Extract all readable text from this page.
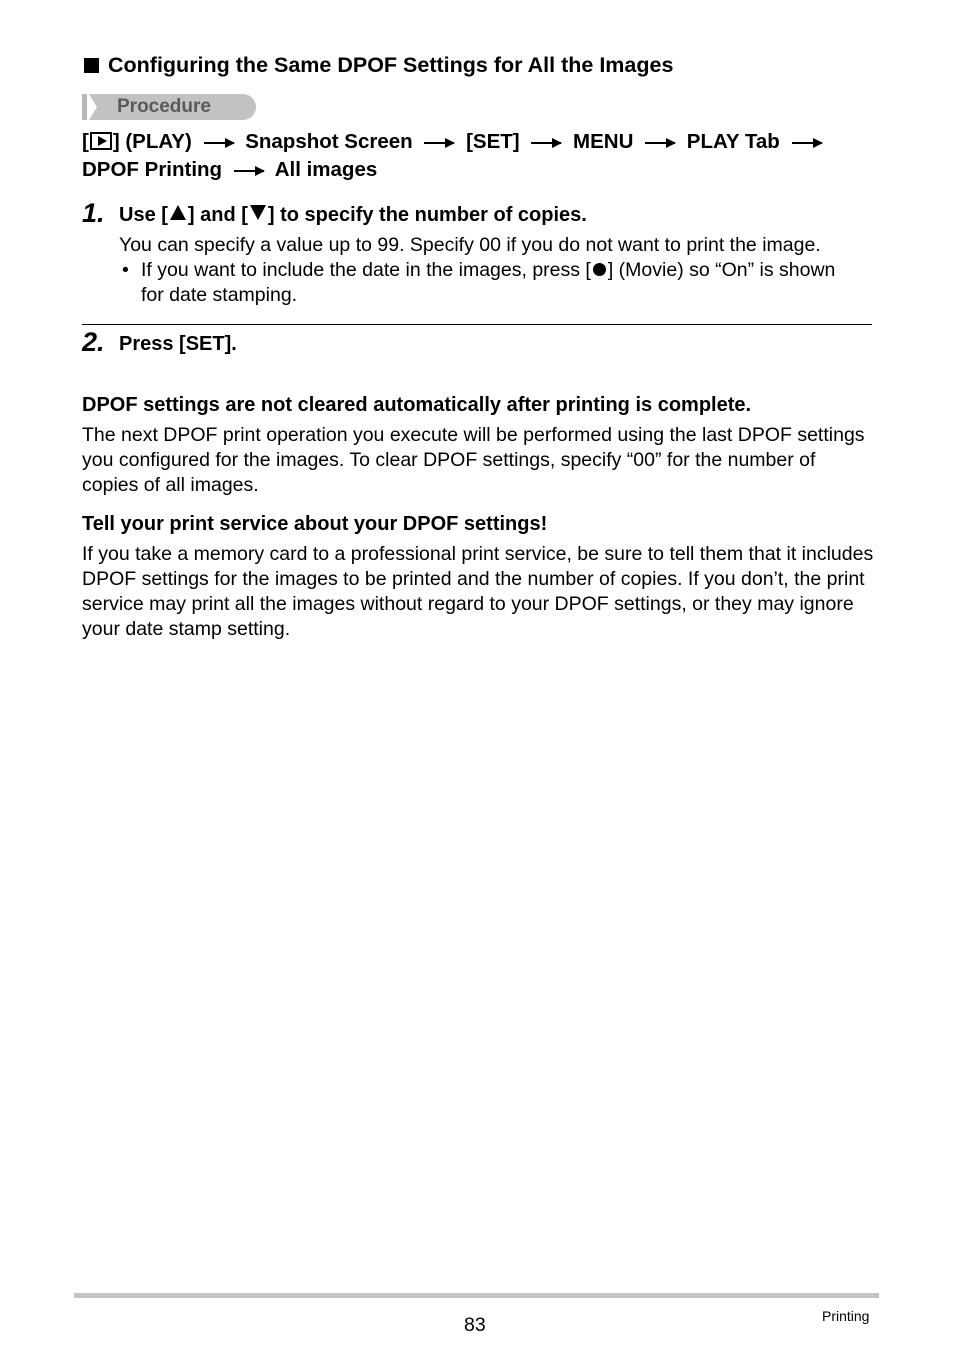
Configuring the Same DPOF Settings for All the Images
Procedure
[ ] (PLAY)	Snapshot Screen	[SET]	MENU	PLAY Tab
DPOF Printing	All images
1. Use [ ] and [ ] to specify the number of copies.
You can specify a value up to 99. Specify 00 if you do not want to print the image.
• If you want to include the date in the images, press [ ] (Movie) so “On” is shown for date stamping.
2. Press [SET].
DPOF settings are not cleared automatically after printing is complete.
The next DPOF print operation you execute will be performed using the last DPOF settings you configured for the images. To clear DPOF settings, specify “00” for the number of copies of all images.
Tell your print service about your DPOF settings!
If you take a memory card to a professional print service, be sure to tell them that it includes DPOF settings for the images to be printed and the number of copies. If you don’t, the print service may print all the images without regard to your DPOF settings, or they may ignore your date stamp setting.
83	Printing
